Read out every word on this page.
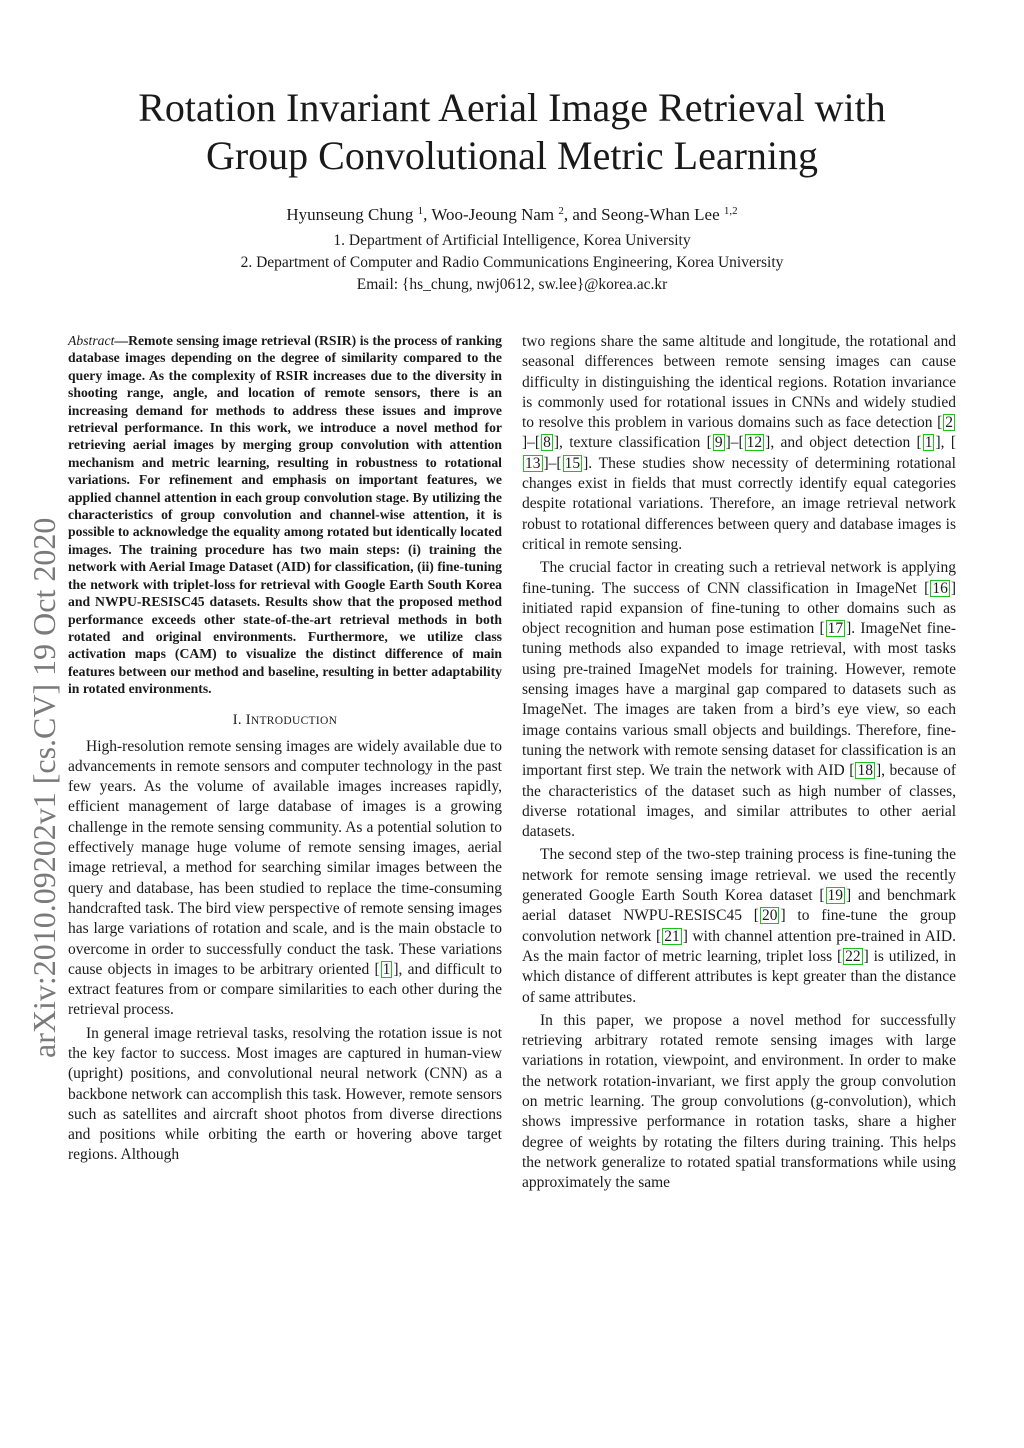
Rotation Invariant Aerial Image Retrieval with
Group Convolutional Metric Learning
Hyunseung Chung $^1$, Woo-Jeoung Nam $^2$, and Seong-Whan Lee $^{1,2}$
1. Department of Artificial Intelligence, Korea University
2. Department of Computer and Radio Communications Engineering, Korea University
Email: {hs_chung, nwj0612, sw.lee}@korea.ac.kr
arXiv:2010.09202v1 [cs.CV] 19 Oct 2020

Abstract—Remote sensing image retrieval (RSIR) is the process of ranking database images depending on the degree of similarity compared to the query image. As the complexity of RSIR increases due to the diversity in shooting range, angle, and location of remote sensors, there is an increasing demand for methods to address these issues and improve retrieval performance. In this work, we introduce a novel method for retrieving aerial images by merging group convolution with attention mechanism and metric learning, resulting in robustness to rotational variations. For refinement and emphasis on important features, we applied channel attention in each group convolution stage. By utilizing the characteristics of group convolution and channel-wise attention, it is possible to acknowledge the equality among rotated but identically located images. The training procedure has two main steps: (i) training the network with Aerial Image Dataset (AID) for classification, (ii) fine-tuning the network with triplet-loss for retrieval with Google Earth South Korea and NWPU-RESISC45 datasets. Results show that the proposed method performance exceeds other state-of-the-art retrieval methods in both rotated and original environments. Furthermore, we utilize class activation maps (CAM) to visualize the distinct difference of main features between our method and baseline, resulting in better adaptability in rotated environments.

I. INTRODUCTION

High-resolution remote sensing images are widely available due to advancements in remote sensors and computer technology in the past few years. As the volume of available images increases rapidly, efficient management of large database of images is a growing challenge in the remote sensing community. As a potential solution to effectively manage huge volume of remote sensing images, aerial image retrieval, a method for searching similar images between the query and database, has been studied to replace the time-consuming handcrafted task. The bird view perspective of remote sensing images has large variations of rotation and scale, and is the main obstacle to overcome in order to successfully conduct the task. These variations cause objects in images to be arbitrary oriented [ 1 ], and difficult to extract features from or compare similarities to each other during the retrieval process.

In general image retrieval tasks, resolving the rotation issue is not the key factor to success. Most images are captured in human-view (upright) positions, and convolutional neural network (CNN) as a backbone network can accomplish this task. However, remote sensors such as satellites and aircraft shoot photos from diverse directions and positions while orbiting the earth or hovering above target regions. Although

two regions share the same altitude and longitude, the rotational and seasonal differences between remote sensing images can cause difficulty in distinguishing the identical regions. Rotation invariance is commonly used for rotational issues in CNNs and widely studied to resolve this problem in various domains such as face detection [ 2]–[ 8 ], texture classification [ 9 ]–[ 12 ], and object detection [ 1 ], [13 ]–[ 15 ]. These studies show necessity of determining rotational changes exist in fields that must correctly identify equal categories despite rotational variations. Therefore, an image retrieval network robust to rotational differences between query and database images is critical in remote sensing.

The crucial factor in creating such a retrieval network is applying fine-tuning. The success of CNN classification in ImageNet [ 16 ] initiated rapid expansion of fine-tuning to other domains such as object recognition and human pose estimation [ 17 ]. ImageNet fine-tuning methods also expanded to image retrieval, with most tasks using pre-trained ImageNet models for training. However, remote sensing images have a marginal gap compared to datasets such as ImageNet. The images are taken from a bird’s eye view, so each image contains various small objects and buildings. Therefore, fine-tuning the network with remote sensing dataset for classification is an important first step. We train the network with AID [ 18 ], because of the characteristics of the dataset such as high number of classes, diverse rotational images, and similar attributes to other aerial datasets.

The second step of the two-step training process is fine-tuning the network for remote sensing image retrieval. we used the recently generated Google Earth South Korea dataset [ 19 ] and benchmark aerial dataset NWPU-RESISC45 [ 20 ] to fine-tune the group convolution network [ 21 ] with channel attention pre-trained in AID. As the main factor of metric learning, triplet loss [ 22 ] is utilized, in which distance of different attributes is kept greater than the distance of same attributes.

In this paper, we propose a novel method for successfully retrieving arbitrary rotated remote sensing images with large variations in rotation, viewpoint, and environment. In order to make the network rotation-invariant, we first apply the group convolution on metric learning. The group convolutions (g-convolution), which shows impressive performance in rotation tasks, share a higher degree of weights by rotating the filters during training. This helps the network generalize to rotated spatial transformations while using approximately the same
